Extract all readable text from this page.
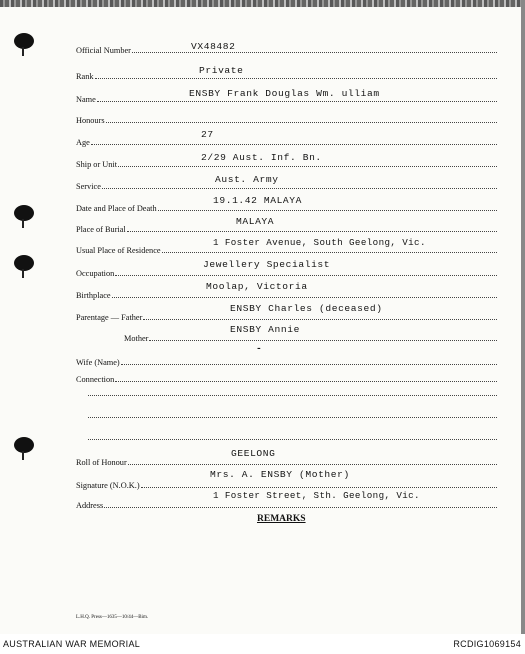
Official Number	VX48482
Rank
Private
Name
ENSBY Frank Douglas Wm. ulliam
Honours
Age
27
Ship or Unit
2/29 Aust. Inf. Bn.
Service
Aust. Army
Date and Place of Death
19.1.42 MALAYA
Place of Burial
MALAYA
Usual Place of Residence
1 Foster Avenue, South Geelong, Vic.
Occupation
Jewellery Specialist
Birthplace
Moolap, Victoria
Parentage — Father
ENSBY Charles (deceased)
Mother
ENSBY Annie
Wife (Name)
-
Connection
Roll of Honour
GEELONG
Signature (N.O.K.)
Mrs. A. ENSBY (Mother)
Address
1 Foster Street, Sth. Geelong, Vic.
REMARKS
L.H.Q. Press—1635—10/44—Bim.
AUSTRALIAN WAR MEMORIAL	RCDIG1069154
